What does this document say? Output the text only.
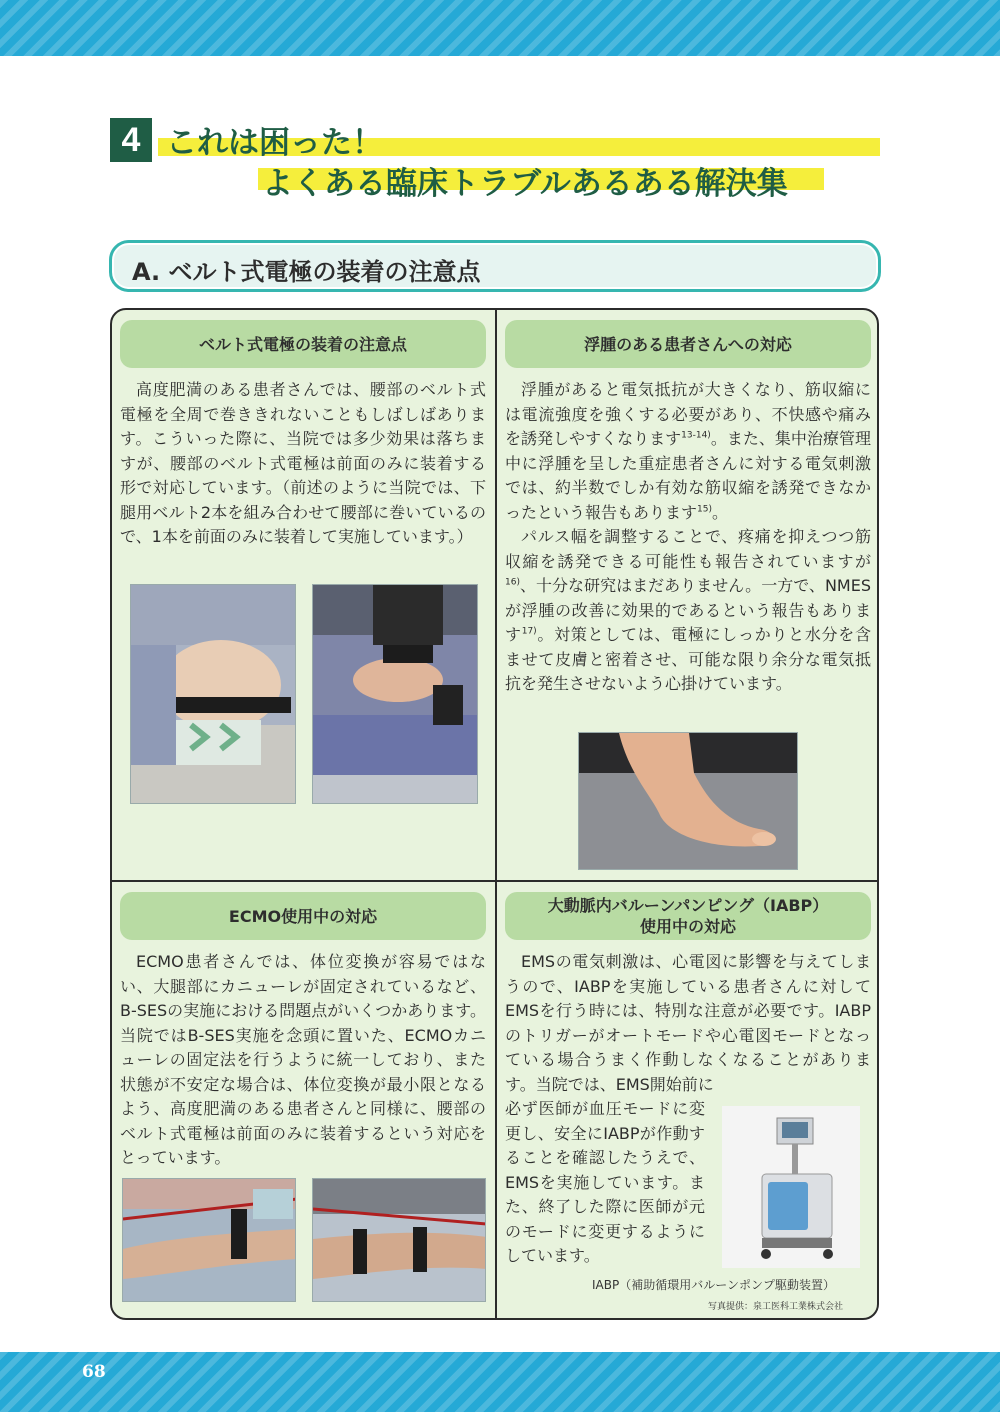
4 これは困った！
よくある臨床トラブルあるある解決集
A. ベルト式電極の装着の注意点
ベルト式電極の装着の注意点

高度肥満のある患者さんでは、腰部のベルト式電極を全周で巻ききれないこともしばしばあります。こういった際に、当院では多少効果は落ちますが、腰部のベルト式電極は前面のみに装着する形で対応しています。（前述のように当院では、下腿用ベルト2本を組み合わせて腰部に巻いているので、1本を前面のみに装着して実施しています。）

浮腫のある患者さんへの対応

浮腫があると電気抵抗が大きくなり、筋収縮には電流強度を強くする必要があり、不快感や痛みを誘発しやすくなります$^{13-14)}$。また、集中治療管理中に浮腫を呈した重症患者さんに対する電気刺激では、約半数でしか有効な筋収縮を誘発できなかったという報告もあります$^{15)}$。

パルス幅を調整することで、疼痛を抑えつつ筋収縮を誘発できる可能性も報告されていますが$^{16)}$、十分な研究はまだありません。一方で、NMESが浮腫の改善に効果的であるという報告もあります$^{17)}$。対策としては、電極にしっかりと水分を含ませて皮膚と密着させ、可能な限り余分な電気抵抗を発生させないよう心掛けています。

ECMO使用中の対応

ECMO患者さんでは、体位変換が容易ではない、大腿部にカニューレが固定されているなど、B-SESの実施における問題点がいくつかあります。当院ではB-SES実施を念頭に置いた、ECMOカニューレの固定法を行うように統一しており、また状態が不安定な場合は、体位変換が最小限となるよう、高度肥満のある患者さんと同様に、腰部のベルト式電極は前面のみに装着するという対応をとっています。

大動脈内バルーンパンピング（IABP）
使用中の対応

EMSの電気刺激は、心電図に影響を与えてしまうので、IABPを実施している患者さんに対してEMSを行う時には、特別な注意が必要です。IABPのトリガーがオートモードや心電図モードとなっている場合うまく作動しなくなることがあります。当院では、EMS開始前に

必ず医師が血圧モードに変更し、安全にIABPが作動することを確認したうえで、EMSを実施しています。また、終了した際に医師が元のモードに変更するようにしています。
IABP（補助循環用バルーンポンプ駆動装置）
写真提供：泉工医科工業株式会社
68
